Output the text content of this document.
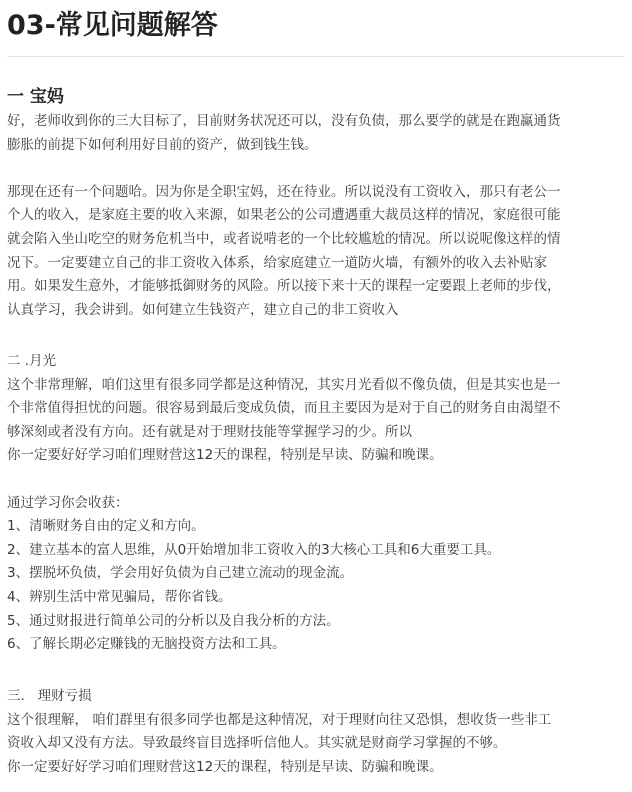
03-常见问题解答
一 宝妈
好，老师收到你的三大目标了，目前财务状况还可以，没有负债，那么要学的就是在跑赢通货
膨胀的前提下如何利用好目前的资产，做到钱生钱。
那现在还有一个问题哈。因为你是全职宝妈，还在待业。所以说没有工资收入，那只有老公一
个人的收入，是家庭主要的收入来源，如果老公的公司遭遇重大裁员这样的情况，家庭很可能
就会陷入坐山吃空的财务危机当中，或者说啃老的一个比较尴尬的情况。所以说呢像这样的情
况下。一定要建立自己的非工资收入体系，给家庭建立一道防火墙，有额外的收入去补贴家
用。如果发生意外，才能够抵御财务的风险。所以接下来十天的课程一定要跟上老师的步伐，
认真学习，我会讲到。如何建立生钱资产，建立自己的非工资收入
二 .月光
这个非常理解，咱们这里有很多同学都是这种情况，其实月光看似不像负债，但是其实也是一
个非常值得担忧的问题。很容易到最后变成负债，而且主要因为是对于自己的财务自由渴望不
够深刻或者没有方向。还有就是对于理财技能等掌握学习的少。所以
你一定要好好学习咱们理财营这12天的课程，特别是早读、防骗和晚课。
通过学习你会收获：
1、清晰财务自由的定义和方向。
2、建立基本的富人思维，从0开始增加非工资收入的3大核心工具和6大重要工具。
3、摆脱坏负债，学会用好负债为自己建立流动的现金流。
4、辨别生活中常见骗局，帮你省钱。
5、通过财报进行简单公司的分析以及自我分析的方法。
6、了解长期必定赚钱的无脑投资方法和工具。
三.   理财亏损
这个很理解， 咱们群里有很多同学也都是这种情况，对于理财向往又恐惧，想收货一些非工
资收入却又没有方法。导致最终盲目选择听信他人。其实就是财商学习掌握的不够。
你一定要好好学习咱们理财营这12天的课程，特别是早读、防骗和晚课。
